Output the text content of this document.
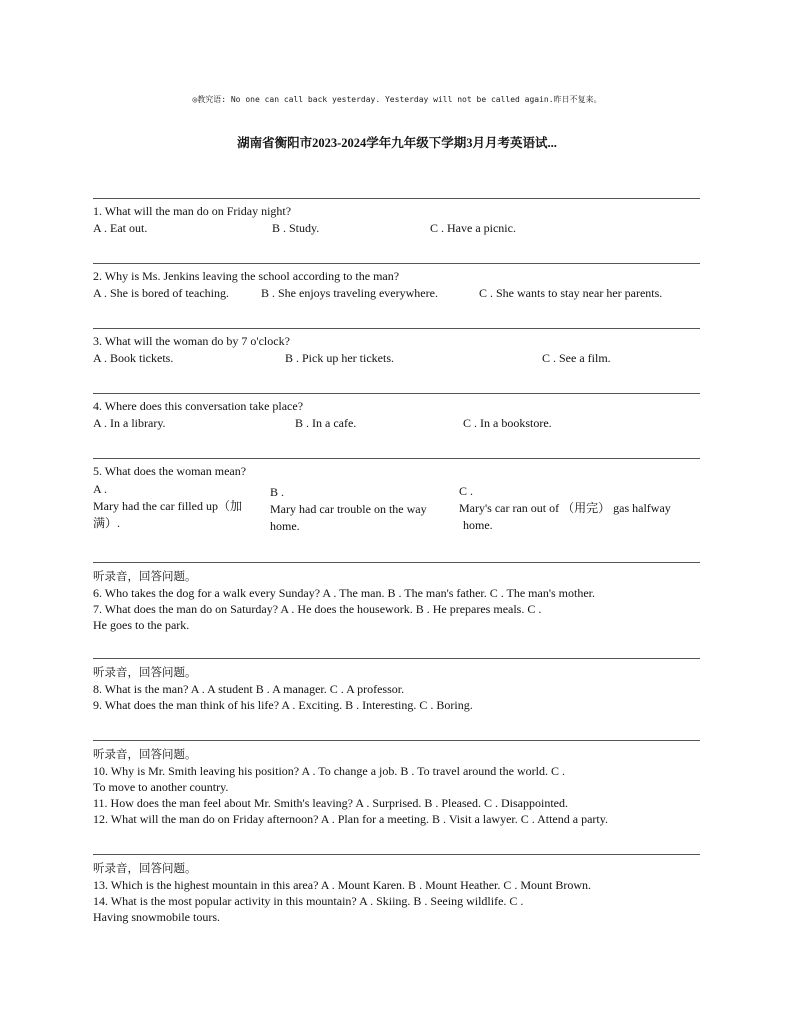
◎教究语: No one can call back yesterday. Yesterday will not be called again.昨日不复来。
湖南省衡阳市2023-2024学年九年级下学期3月月考英语试...
1. What will the man do on Friday night?
A . Eat out.	B . Study.	C . Have a picnic.
2. Why is Ms. Jenkins leaving the school according to the man?
A . She is bored of teaching.	B . She enjoys traveling everywhere.	C . She wants to stay near her parents.
3. What will the woman do by 7 o'clock?
A . Book tickets.	B . Pick up her tickets.	C . See a film.
4. Where does this conversation take place?
A . In a library.	B . In a cafe.	C . In a bookstore.
5. What does the woman mean?
A .
Mary had the car filled up（加
满）.
B .
Mary had car trouble on the way
home.
C .
Mary's car ran out of （用完） gas halfway
home.
听录音，回答问题。
6. Who takes the dog for a walk every Sunday? A . The man. B . The man's father. C . The man's mother.
7. What does the man do on Saturday? A . He does the housework. B . He prepares meals. C .
He goes to the park.
听录音，回答问题。
8. What is the man? A . A student B . A manager. C . A professor.
9. What does the man think of his life? A . Exciting. B . Interesting. C . Boring.
听录音，回答问题。
10. Why is Mr. Smith leaving his position? A . To change a job. B . To travel around the world. C .
To move to another country.
11. How does the man feel about Mr. Smith's leaving? A . Surprised. B . Pleased. C . Disappointed.
12. What will the man do on Friday afternoon? A . Plan for a meeting. B . Visit a lawyer. C . Attend a party.
听录音，回答问题。
13. Which is the highest mountain in this area? A . Mount Karen. B . Mount Heather. C . Mount Brown.
14. What is the most popular activity in this mountain? A . Skiing. B . Seeing wildlife. C .
Having snowmobile tours.
